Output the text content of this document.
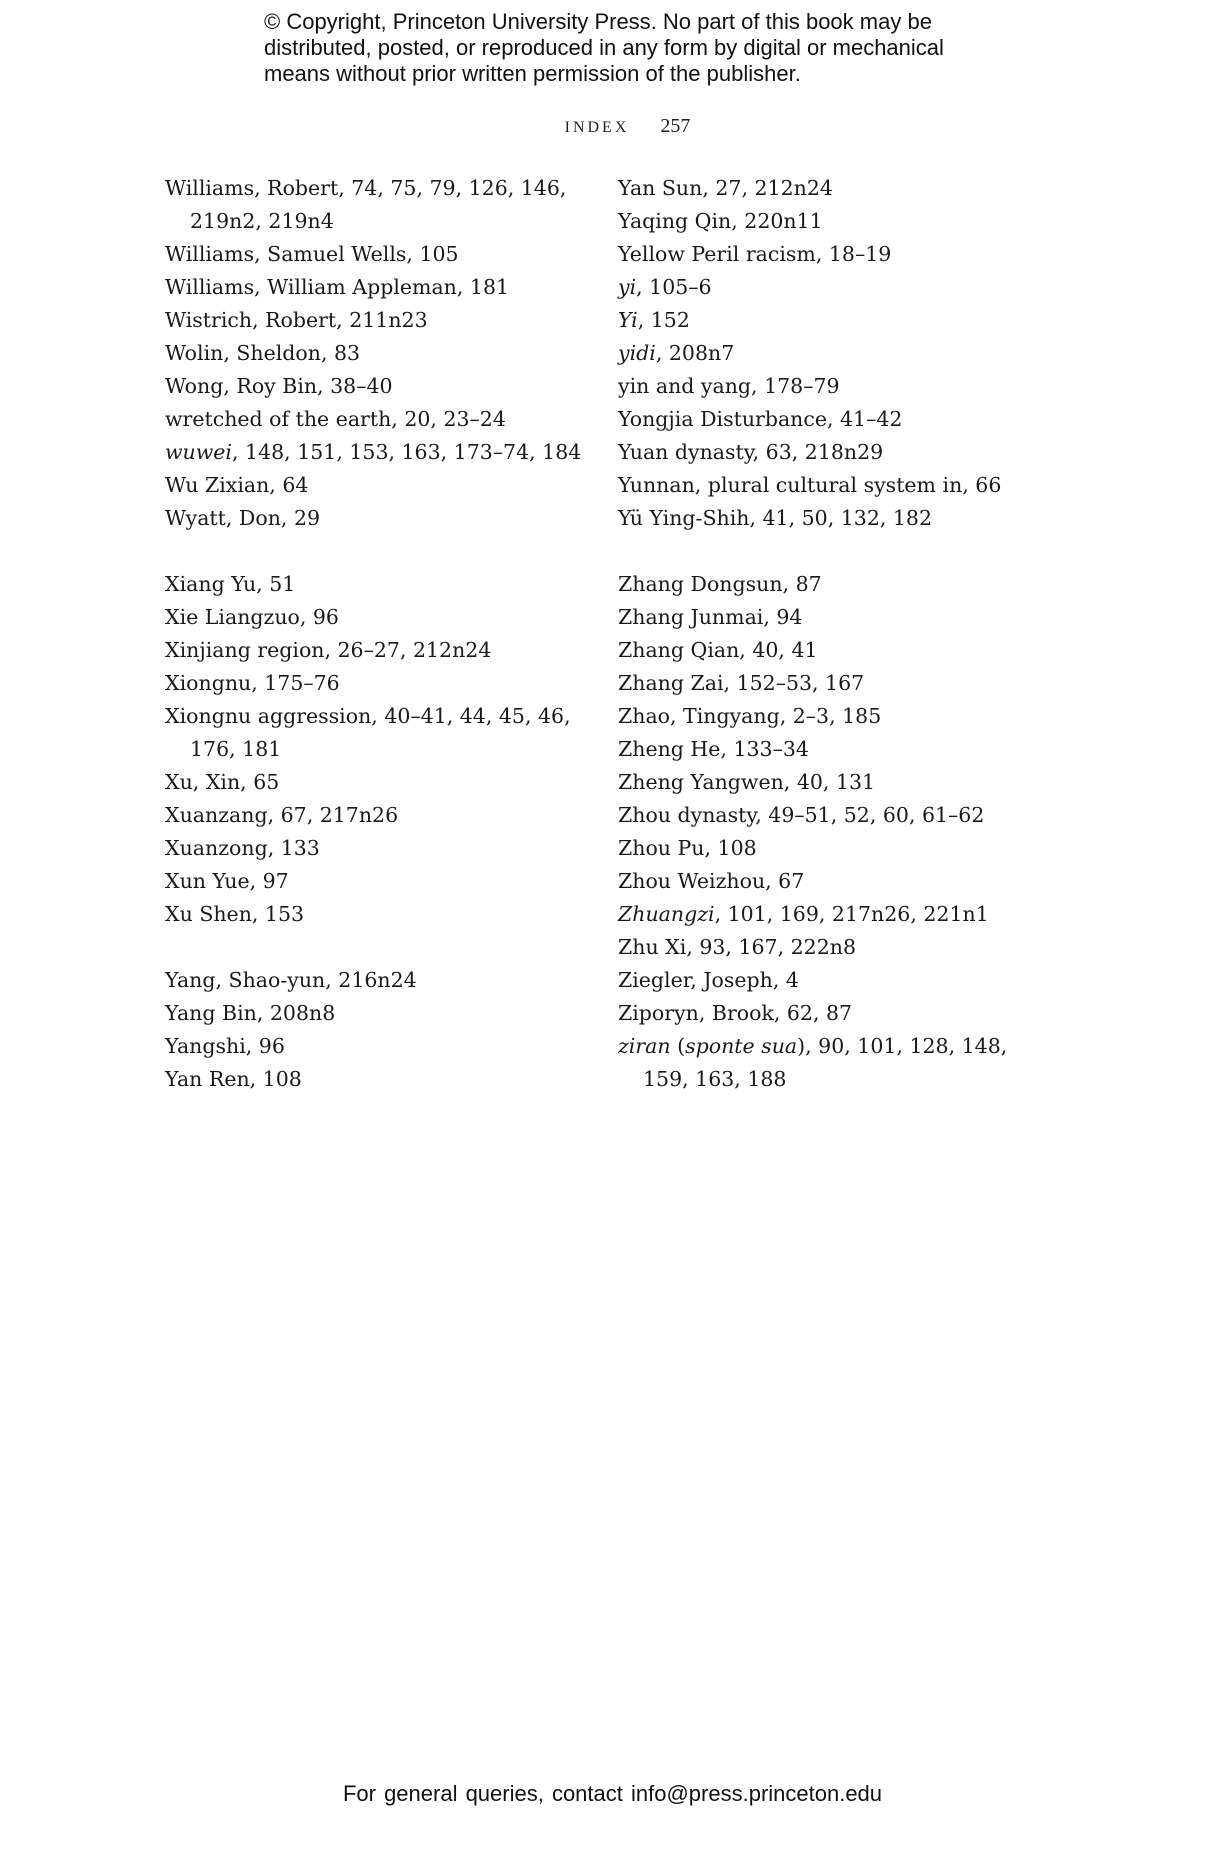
© Copyright, Princeton University Press. No part of this book may be
distributed, posted, or reproduced in any form by digital or mechanical
means without prior written permission of the publisher.
INDEX 257

Williams, Robert, 74, 75, 79, 126, 146, 219n2, 219n4

Williams, Samuel Wells, 105

Williams, William Appleman, 181

Wistrich, Robert, 211n23

Wolin, Sheldon, 83

Wong, Roy Bin, 38–40

wretched of the earth, 20, 23–24

wuwei, 148, 151, 153, 163, 173–74, 184

Wu Zixian, 64

Wyatt, Don, 29

Xiang Yu, 51

Xie Liangzuo, 96

Xinjiang region, 26–27, 212n24

Xiongnu, 175–76

Xiongnu aggression, 40–41, 44, 45, 46, 176, 181

Xu, Xin, 65

Xuanzang, 67, 217n26

Xuanzong, 133

Xun Yue, 97

Xu Shen, 153

Yang, Shao-yun, 216n24

Yang Bin, 208n8

Yangshi, 96

Yan Ren, 108

Yan Sun, 27, 212n24

Yaqing Qin, 220n11

Yellow Peril racism, 18–19

yi, 105–6

Yi, 152

yidi, 208n7

yin and yang, 178–79

Yongjia Disturbance, 41–42

Yuan dynasty, 63, 218n29

Yunnan, plural cultural system in, 66

Yü Ying-Shih, 41, 50, 132, 182

Zhang Dongsun, 87

Zhang Junmai, 94

Zhang Qian, 40, 41

Zhang Zai, 152–53, 167

Zhao, Tingyang, 2–3, 185

Zheng He, 133–34

Zheng Yangwen, 40, 131

Zhou dynasty, 49–51, 52, 60, 61–62

Zhou Pu, 108

Zhou Weizhou, 67

Zhuangzi, 101, 169, 217n26, 221n1

Zhu Xi, 93, 167, 222n8

Ziegler, Joseph, 4

Ziporyn, Brook, 62, 87

ziran (sponte sua), 90, 101, 128, 148, 159, 163, 188

For general queries, contact info@press.princeton.edu
